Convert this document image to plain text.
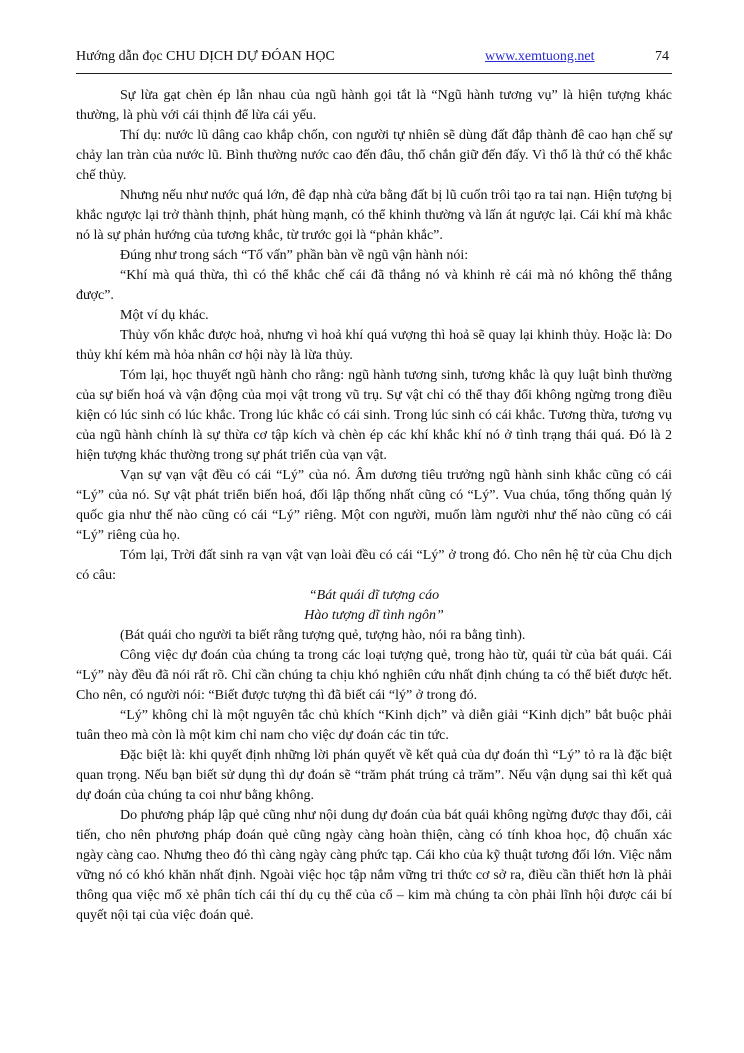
Hướng dẫn đọc CHU DỊCH DỰ ĐÓAN HỌC	www.xemtuong.net	74

Sự lừa gạt chèn ép lẫn nhau của ngũ hành gọi tắt là “Ngũ hành tương vụ” là hiện tượng khác thường, là phù với cái thịnh để lừa cái yếu.

Thí dụ: nước lũ dâng cao khắp chốn, con người tự nhiên sẽ dùng đất đắp thành đê cao hạn chế sự chảy lan tràn của nước lũ. Bình thường nước cao đến đâu, thổ chắn giữ đến đấy. Vì thổ là thứ có thể khắc chế thủy.

Nhưng nếu như nước quá lớn, đê đạp nhà cửa bằng đất bị lũ cuốn trôi tạo ra tai nạn. Hiện tượng bị khắc ngược lại trở thành thịnh, phát hùng mạnh, có thể khinh thường và lấn át ngược lại. Cái khí mà khắc nó là sự phản hướng của tương khắc, từ trước gọi là “phản khắc”.

Đúng như trong sách “Tố vấn” phần bàn về ngũ vận hành nói:

“Khí mà quá thừa, thì có thể khắc chế cái đã thắng nó và khinh rẻ cái mà nó không thể thắng được”.

Một ví dụ khác.

Thủy vốn khắc được hoả, nhưng vì hoả khí quá vượng thì hoả sẽ quay lại khinh thủy. Hoặc là: Do thủy khí kém mà hỏa nhân cơ hội này là lừa thủy.

Tóm lại, học thuyết ngũ hành cho rằng: ngũ hành tương sinh, tương khắc là quy luật bình thường của sự biến hoá và vận động của mọi vật trong vũ trụ. Sự vật chỉ có thể thay đổi không ngừng trong điều kiện có lúc sinh có lúc khắc. Trong lúc khắc có cái sinh. Trong lúc sinh có cái khắc. Tương thừa, tương vụ của ngũ hành chính là sự thừa cơ tập kích và chèn ép các khí khắc khí nó ở tình trạng thái quá. Đó là 2 hiện tượng khác thường trong sự phát triển của vạn vật.

Vạn sự vạn vật đều có cái “Lý” của nó. Âm dương tiêu trưởng ngũ hành sinh khắc cũng có cái “Lý” của nó. Sự vật phát triển biến hoá, đối lập thống nhất cũng có “Lý”. Vua chúa, tổng thống quản lý quốc gia như thế nào cũng có cái “Lý” riêng. Một con người, muốn làm người như thế nào cũng có cái “Lý” riêng của họ.

Tóm lại, Trời đất sinh ra vạn vật vạn loài đều có cái “Lý” ở trong đó. Cho nên hệ từ của Chu dịch có câu:

“Bát quái dĩ tượng cáo

Hào tượng dĩ tình ngôn”

(Bát quái cho người ta biết rằng tượng quẻ, tượng hào, nói ra bằng tình).

Công việc dự đoán của chúng ta trong các loại tượng quẻ, trong hào từ, quái từ của bát quái. Cái “Lý” này đều đã nói rất rõ. Chỉ cần chúng ta chịu khó nghiên cứu nhất định chúng ta có thể biết được hết. Cho nên, có người nói: “Biết được tượng thì đã biết cái “lý” ở trong đó.

“Lý” không chỉ là một nguyên tắc chủ khích “Kinh dịch” và diễn giải “Kinh dịch” bắt buộc phải tuân theo mà còn là một kim chỉ nam cho việc dự đoán các tin tức.

Đặc biệt là: khi quyết định những lời phán quyết về kết quả của dự đoán thì “Lý” tỏ ra là đặc biệt quan trọng. Nếu bạn biết sử dụng thì dự đoán sẽ “trăm phát trúng cả trăm”. Nếu vận dụng sai thì kết quả dự đoán của chúng ta coi như bằng không.

Do phương pháp lập quẻ cũng như nội dung dự đoán của bát quái không ngừng được thay đổi, cải tiến, cho nên phương pháp đoán quẻ cũng ngày càng hoàn thiện, càng có tính khoa học, độ chuẩn xác ngày càng cao. Nhưng theo đó thì càng ngày càng phức tạp. Cái kho của kỹ thuật tương đối lớn. Việc nắm vững nó có khó khăn nhất định. Ngoài việc học tập nắm vững tri thức cơ sở ra, điều cần thiết hơn là phải thông qua việc mổ xẻ phân tích cái thí dụ cụ thể của cổ – kim mà chúng ta còn phải lĩnh hội được cái bí quyết nội tại của việc đoán quẻ.
